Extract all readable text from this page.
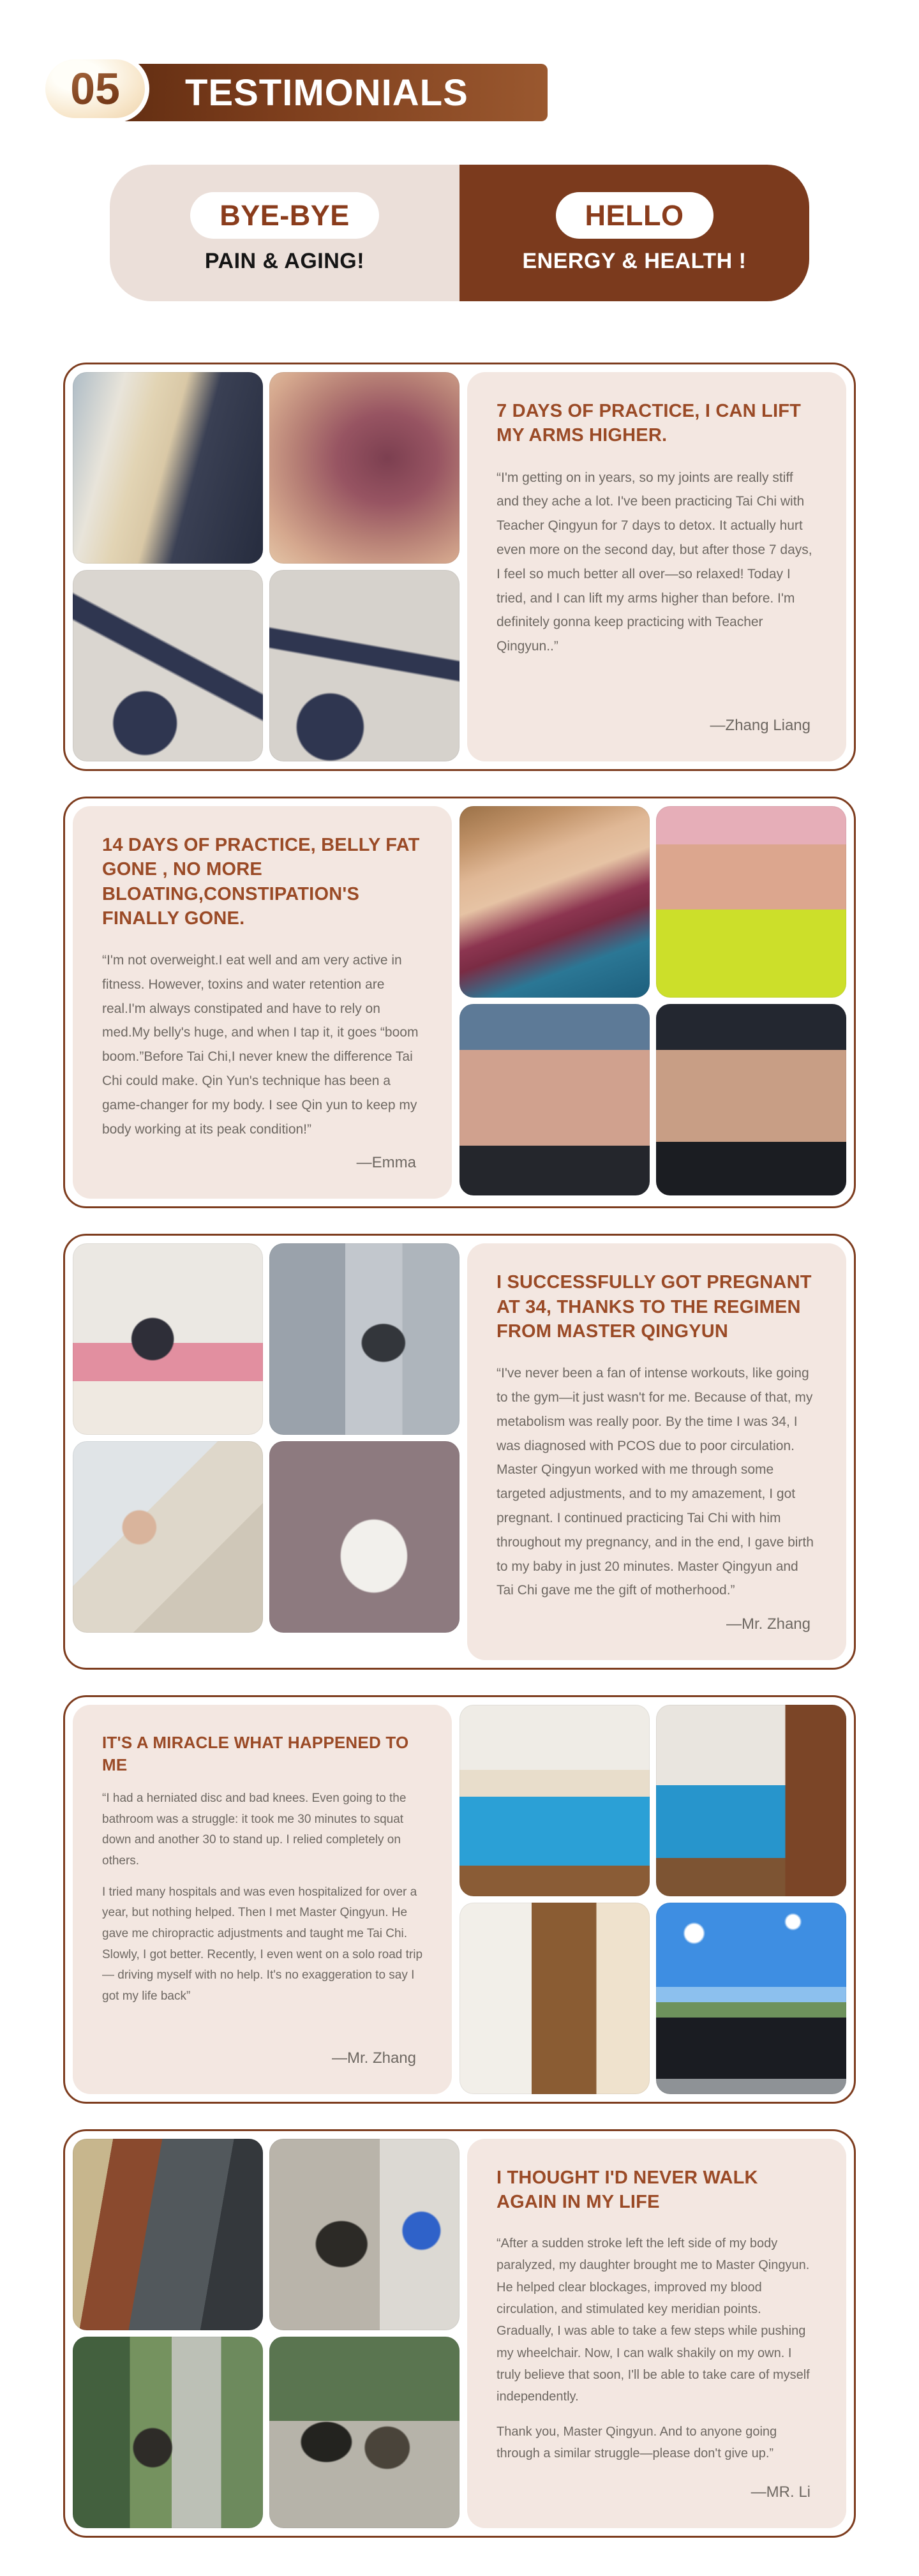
TESTIMONIALS
05
BYE-BYE
PAIN & AGING!
HELLO
ENERGY & HEALTH !
7 DAYS OF PRACTICE, I CAN LIFT MY ARMS HIGHER.

“I'm getting on in years, so my joints are really stiff and they ache a lot. I've been practicing Tai Chi with Teacher Qingyun for 7 days to detox. It actually hurt even more on the second day, but after those 7 days, I feel so much better all over—so relaxed! Today I tried, and I can lift my arms higher than before. I'm definitely gonna keep practicing with Teacher Qingyun..”

—Zhang Liang
14 DAYS OF PRACTICE, BELLY FAT GONE , NO MORE BLOATING,CONSTIPATION'S FINALLY GONE.

“I'm not overweight.I eat well and am very active in fitness. However, toxins and water retention are real.I'm always constipated and have to rely on med.My belly's huge, and when I tap it, it goes “boom boom.”Before Tai Chi,I never knew the difference Tai Chi could make. Qin Yun's technique has been a game-changer for my body. I see Qin yun to keep my body working at its peak condition!”

—Emma
I SUCCESSFULLY GOT PREGNANT AT 34, THANKS TO THE REGIMEN FROM MASTER QINGYUN

“I've never been a fan of intense workouts, like going to the gym—it just wasn't for me. Because of that, my metabolism was really poor. By the time I was 34, I was diagnosed with PCOS due to poor circulation. Master Qingyun worked with me through some targeted adjustments, and to my amazement, I got pregnant. I continued practicing Tai Chi with him throughout my pregnancy, and in the end, I gave birth to my baby in just 20 minutes. Master Qingyun and Tai Chi gave me the gift of motherhood.”

—Mr. Zhang
IT'S A MIRACLE WHAT HAPPENED TO ME

“I had a herniated disc and bad knees. Even going to the bathroom was a struggle: it took me 30 minutes to squat down and another 30 to stand up. I relied completely on others.

I tried many hospitals and was even hospitalized for over a year, but nothing helped. Then I met Master Qingyun. He gave me chiropractic adjustments and taught me Tai Chi. Slowly, I got better. Recently, I even went on a solo road trip — driving myself with no help. It's no exaggeration to say I got my life back”

—Mr. Zhang
I THOUGHT I'D NEVER WALK AGAIN IN MY LIFE

“After a sudden stroke left the left side of my body paralyzed, my daughter brought me to Master Qingyun. He helped clear blockages, improved my blood circulation, and stimulated key meridian points. Gradually, I was able to take a few steps while pushing my wheelchair. Now, I can walk shakily on my own. I truly believe that soon, I'll be able to take care of myself independently.

Thank you, Master Qingyun. And to anyone going through a similar struggle—please don't give up.”

—MR. Li
